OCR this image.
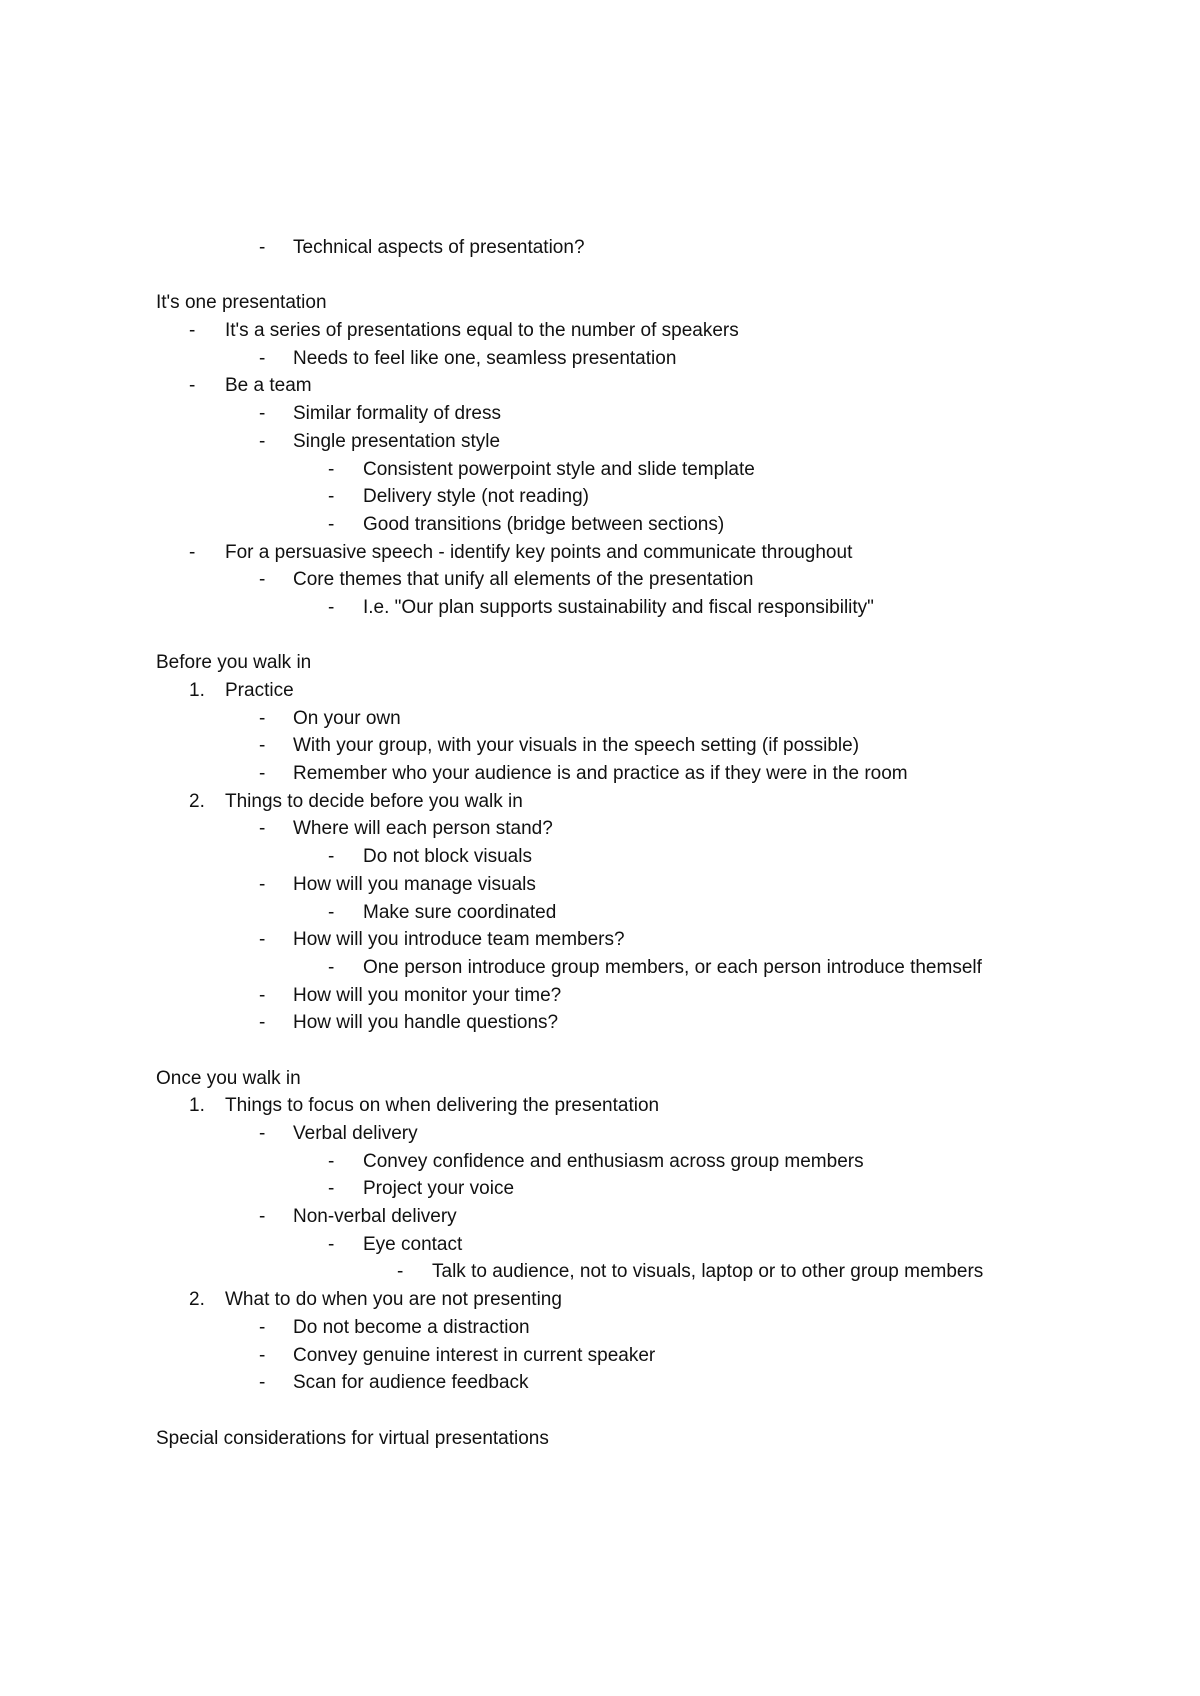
- Technical aspects of presentation?
It's one presentation
- It's a series of presentations equal to the number of speakers
- Needs to feel like one, seamless presentation
- Be a team
- Similar formality of dress
- Single presentation style
- Consistent powerpoint style and slide template
- Delivery style (not reading)
- Good transitions (bridge between sections)
- For a persuasive speech - identify key points and communicate throughout
- Core themes that unify all elements of the presentation
- I.e. "Our plan supports sustainability and fiscal responsibility"
Before you walk in
1. Practice
- On your own
- With your group, with your visuals in the speech setting (if possible)
- Remember who your audience is and practice as if they were in the room
2. Things to decide before you walk in
- Where will each person stand?
- Do not block visuals
- How will you manage visuals
- Make sure coordinated
- How will you introduce team members?
- One person introduce group members, or each person introduce themself
- How will you monitor your time?
- How will you handle questions?
Once you walk in
1. Things to focus on when delivering the presentation
- Verbal delivery
- Convey confidence and enthusiasm across group members
- Project your voice
- Non-verbal delivery
- Eye contact
- Talk to audience, not to visuals, laptop or to other group members
2. What to do when you are not presenting
- Do not become a distraction
- Convey genuine interest in current speaker
- Scan for audience feedback
Special considerations for virtual presentations
